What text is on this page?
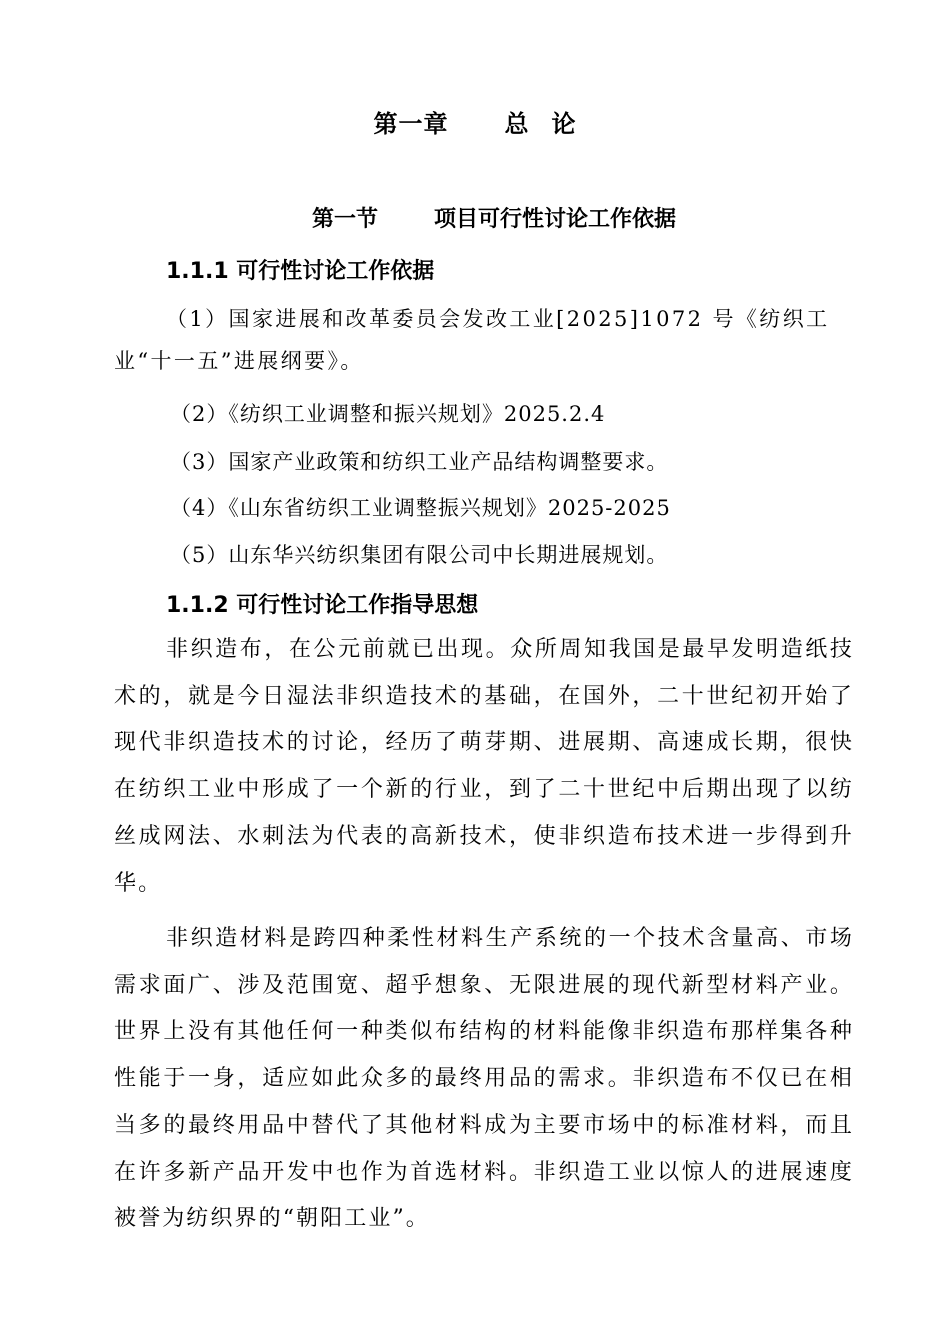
第一章 总 论
第一节	项目可行性讨论工作依据
1.1.1 可行性讨论工作依据
（1）国家进展和改革委员会发改工业[2025]1072 号《纺织工业“十一五”进展纲要》。
（2）《纺织工业调整和振兴规划》2025.2.4
（3）国家产业政策和纺织工业产品结构调整要求。
（4）《山东省纺织工业调整振兴规划》2025-2025
（5）山东华兴纺织集团有限公司中长期进展规划。
1.1.2 可行性讨论工作指导思想
非织造布，在公元前就已出现。众所周知我国是最早发明造纸技术的，就是今日湿法非织造技术的基础，在国外，二十世纪初开始了现代非织造技术的讨论，经历了萌芽期、进展期、高速成长期，很快在纺织工业中形成了一个新的行业，到了二十世纪中后期出现了以纺丝成网法、水刺法为代表的高新技术，使非织造布技术进一步得到升华。
非织造材料是跨四种柔性材料生产系统的一个技术含量高、市场需求面广、涉及范围宽、超乎想象、无限进展的现代新型材料产业。世界上没有其他任何一种类似布结构的材料能像非织造布那样集各种性能于一身，适应如此众多的最终用品的需求。非织造布不仅已在相当多的最终用品中替代了其他材料成为主要市场中的标准材料，而且在许多新产品开发中也作为首选材料。非织造工业以惊人的进展速度被誉为纺织界的“朝阳工业”。
